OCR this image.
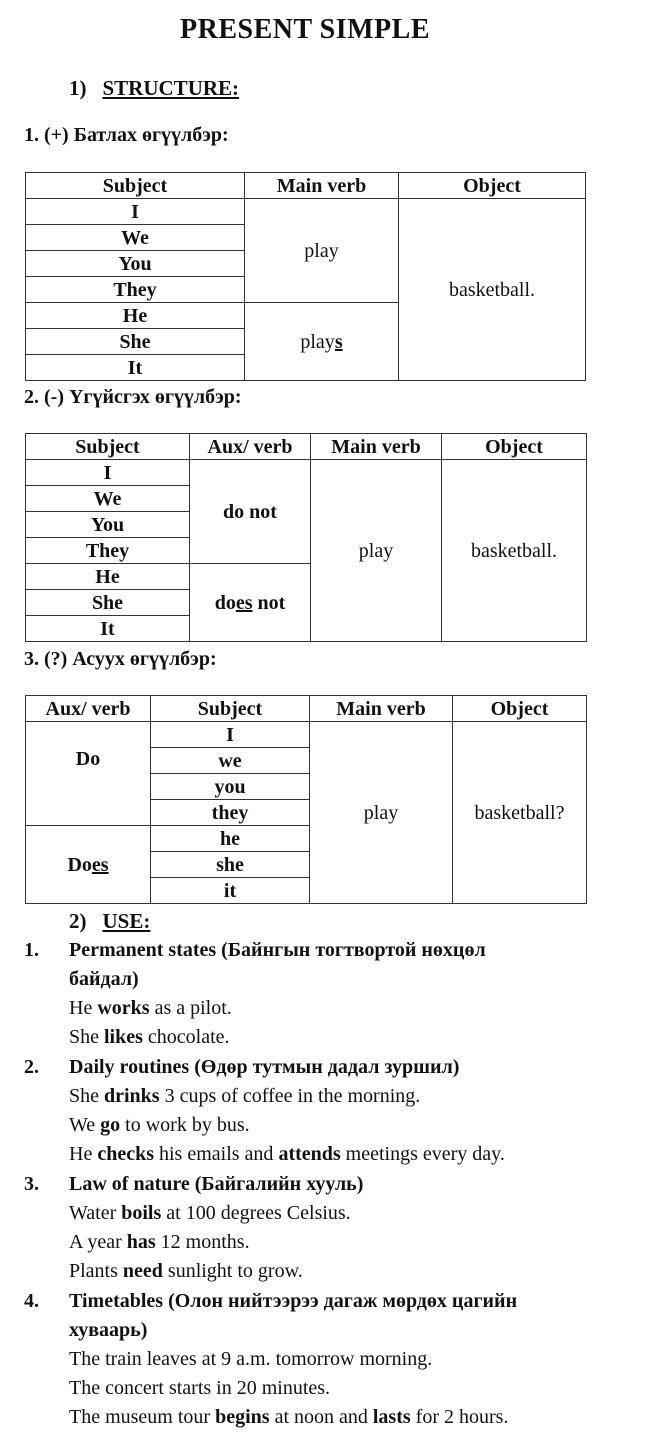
PRESENT SIMPLE
1) STRUCTURE:
1. (+) Батлах өгүүлбэр:
Subject	Main verb	Object
I	play	basketball.
We		
You		
They		
He	plays	
She		
It		
2. (-) Үгүйсгэх өгүүлбэр:
Subject	Aux/ verb	Main verb	Object
I	do not	play	basketball.
We			
You			
They			
He	does not		
She			
It			
3. (?) Асуух өгүүлбэр:
Aux/ verb	Subject	Main verb	Object
Do	I	play	basketball?
	we		
	you		
	they		
Does	he		
	she		
	it		
2) USE:
1. Permanent states (Байнгын тогтвортой нөхцөл
байдал)
He works as a pilot.
She likes chocolate.
2. Daily routines (Өдөр тутмын дадал зуршил)
She drinks 3 cups of coffee in the morning.
We go to work by bus.
He checks his emails and attends meetings every day.
3. Law of nature (Байгалийн хууль)
Water boils at 100 degrees Celsius.
A year has 12 months.
Plants need sunlight to grow.
4. Timetables (Олон нийтээрээ дагаж мөрдөх цагийн
хуваарь)
The train leaves at 9 a.m. tomorrow morning.
The concert starts in 20 minutes.
The museum tour begins at noon and lasts for 2 hours.
